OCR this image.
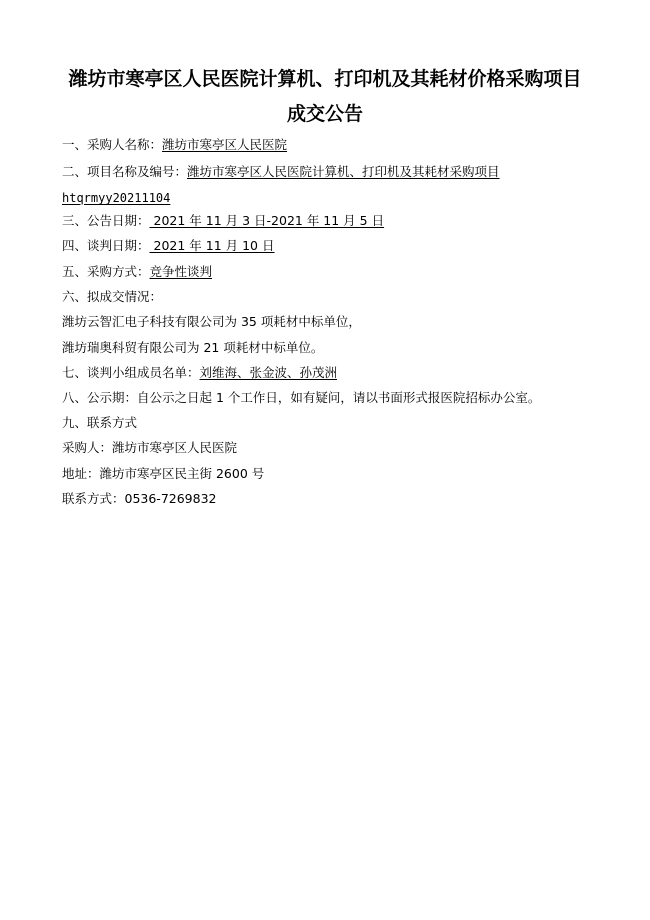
潍坊市寒亭区人民医院计算机、打印机及其耗材价格采购项目
成交公告
一、采购人名称：潍坊市寒亭区人民医院
二、项目名称及编号：潍坊市寒亭区人民医院计算机、打印机及其耗材采购项目
htqrmyy20211104
三、公告日期： 2021 年 11 月 3 日-2021 年 11 月 5 日
四、谈判日期： 2021 年 11 月 10 日
五、采购方式：竞争性谈判
六、拟成交情况：
潍坊云智汇电子科技有限公司为 35 项耗材中标单位，
潍坊瑞奥科贸有限公司为 21 项耗材中标单位。
七、谈判小组成员名单：刘维海、张金波、孙茂洲
八、公示期：自公示之日起 1 个工作日，如有疑问，请以书面形式报医院招标办公室。
九、联系方式
采购人：潍坊市寒亭区人民医院
地址：潍坊市寒亭区民主街 2600 号
联系方式：0536-7269832
